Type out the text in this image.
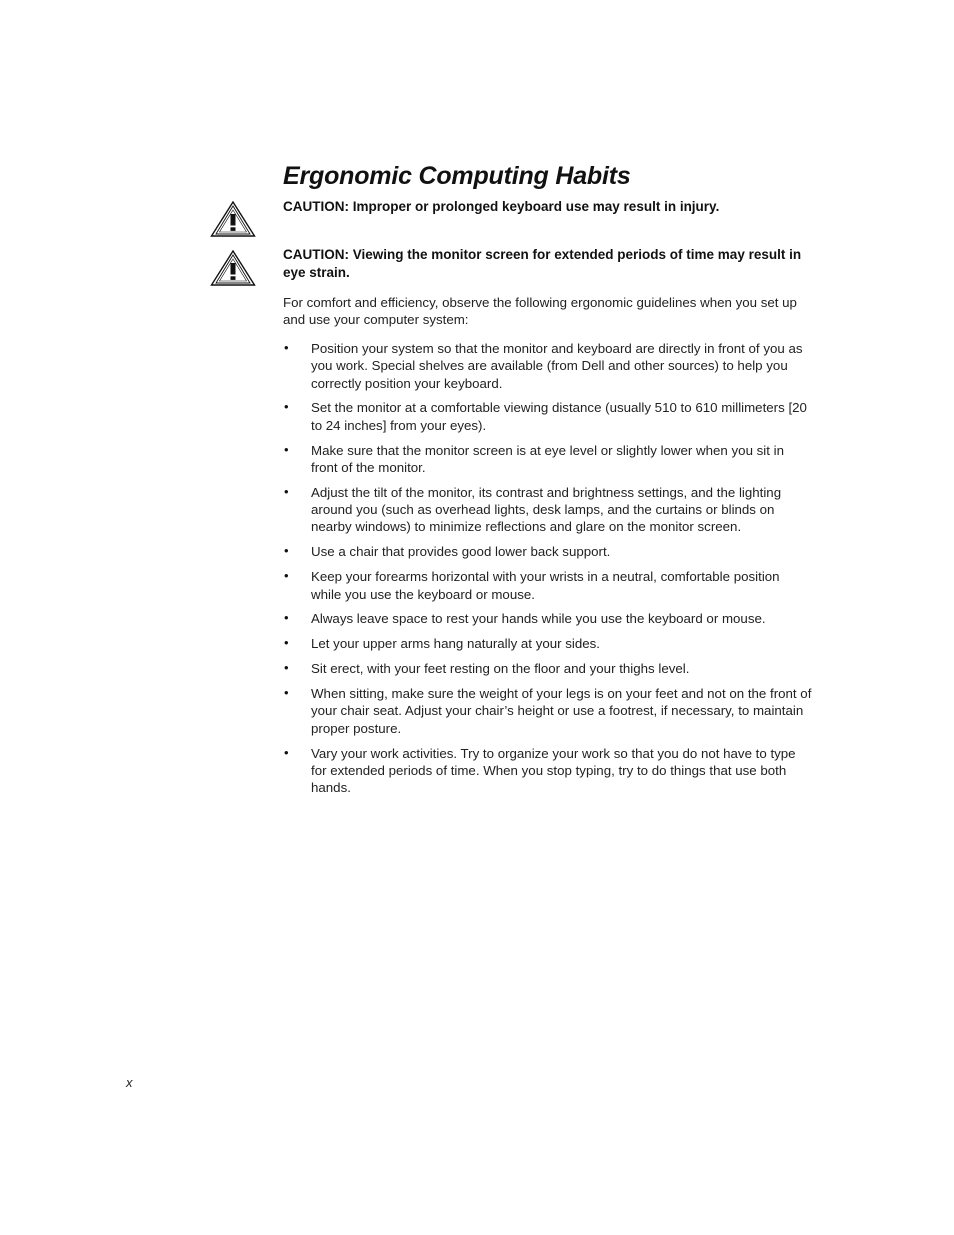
Ergonomic Computing Habits

CAUTION: Improper or prolonged keyboard use may result in injury.

CAUTION: Viewing the monitor screen for extended periods of time may result in eye strain.

For comfort and efficiency, observe the following ergonomic guidelines when you set up and use your computer system:

• Position your system so that the monitor and keyboard are directly in front of you as you work. Special shelves are available (from Dell and other sources) to help you correctly position your keyboard.
• Set the monitor at a comfortable viewing distance (usually 510 to 610 millimeters [20 to 24 inches] from your eyes).
• Make sure that the monitor screen is at eye level or slightly lower when you sit in front of the monitor.
• Adjust the tilt of the monitor, its contrast and brightness settings, and the lighting around you (such as overhead lights, desk lamps, and the curtains or blinds on nearby windows) to minimize reflections and glare on the monitor screen.
• Use a chair that provides good lower back support.
• Keep your forearms horizontal with your wrists in a neutral, comfortable position while you use the keyboard or mouse.
• Always leave space to rest your hands while you use the keyboard or mouse.
• Let your upper arms hang naturally at your sides.
• Sit erect, with your feet resting on the floor and your thighs level.
• When sitting, make sure the weight of your legs is on your feet and not on the front of your chair seat. Adjust your chair’s height or use a footrest, if necessary, to maintain proper posture.
• Vary your work activities. Try to organize your work so that you do not have to type for extended periods of time. When you stop typing, try to do things that use both hands.

x
